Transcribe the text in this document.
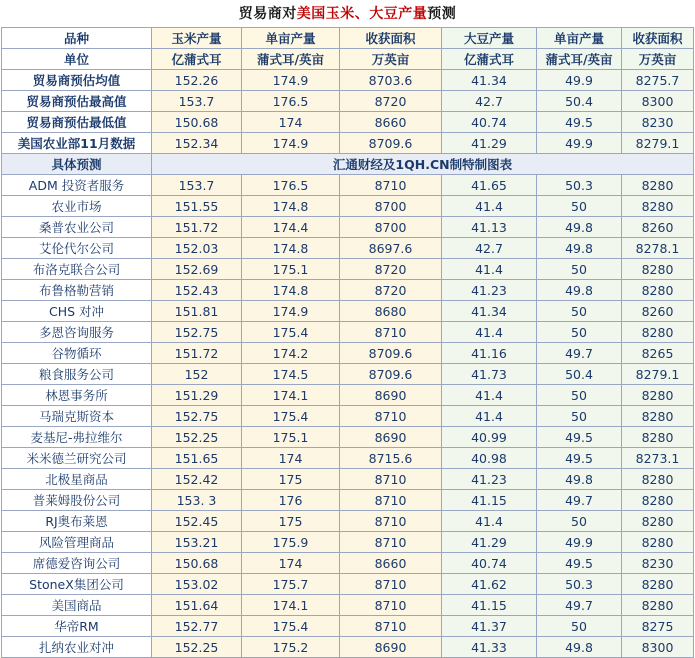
贸易商对美国玉米、大豆产量预测
品种	玉米产量	单亩产量	收获面积	大豆产量	单亩产量	收获面积
单位	亿蒲式耳	蒲式耳/英亩	万英亩	亿蒲式耳	蒲式耳/英亩	万英亩
贸易商预估均值	152.26	174.9	8703.6	41.34	49.9	8275.7
贸易商预估最高值	153.7	176.5	8720	42.7	50.4	8300
贸易商预估最低值	150.68	174	8660	40.74	49.5	8230
美国农业部11月数据	152.34	174.9	8709.6	41.29	49.9	8279.1
具体预测	汇通财经及1QH.CN制特制图表					
ADM 投资者服务	153.7	176.5	8710	41.65	50.3	8280
农业市场	151.55	174.8	8700	41.4	50	8280
桑普农业公司	151.72	174.4	8700	41.13	49.8	8260
艾伦代尔公司	152.03	174.8	8697.6	42.7	49.8	8278.1
布洛克联合公司	152.69	175.1	8720	41.4	50	8280
布鲁格勒营销	152.43	174.8	8720	41.23	49.8	8280
CHS 对冲	151.81	174.9	8680	41.34	50	8260
多恩咨询服务	152.75	175.4	8710	41.4	50	8280
谷物循环	151.72	174.2	8709.6	41.16	49.7	8265
粮食服务公司	152	174.5	8709.6	41.73	50.4	8279.1
林恩事务所	151.29	174.1	8690	41.4	50	8280
马瑞克斯资本	152.75	175.4	8710	41.4	50	8280
麦基尼-弗拉维尔	152.25	175.1	8690	40.99	49.5	8280
米米德兰研究公司	151.65	174	8715.6	40.98	49.5	8273.1
北极星商品	152.42	175	8710	41.23	49.8	8280
普莱姆股份公司	153. 3	176	8710	41.15	49.7	8280
RJ奥布莱恩	152.45	175	8710	41.4	50	8280
风险管理商品	153.21	175.9	8710	41.29	49.9	8280
席德爱咨询公司	150.68	174	8660	40.74	49.5	8230
StoneX集团公司	153.02	175.7	8710	41.62	50.3	8280
美国商品	151.64	174.1	8710	41.15	49.7	8280
华帝RM	152.77	175.4	8710	41.37	50	8275
扎纳农业对冲	152.25	175.2	8690	41.33	49.8	8300
